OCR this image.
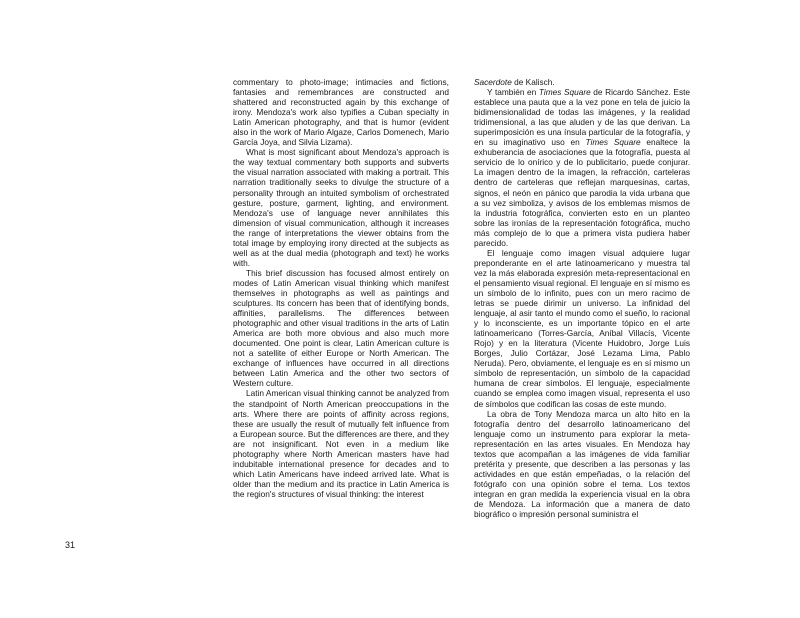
commentary to photo-image; intimacies and fictions, fantasies and remembrances are constructed and shattered and reconstructed again by this exchange of irony. Mendoza's work also typifies a Cuban specialty in Latin American photography, and that is humor (evident also in the work of Mario Algaze, Carlos Domenech, Mario García Joya, and Silvia Lizama).

What is most significant about Mendoza's approach is the way textual commentary both supports and subverts the visual narration associated with making a portrait. This narration traditionally seeks to divulge the structure of a personality through an intuited symbolism of orchestrated gesture, posture, garment, lighting, and environment. Mendoza's use of language never annihilates this dimension of visual communication, although it increases the range of interpretations the viewer obtains from the total image by employing irony directed at the subjects as well as at the dual media (photograph and text) he works with.

This brief discussion has focused almost entirely on modes of Latin American visual thinking which manifest themselves in photographs as well as paintings and sculptures. Its concern has been that of identifying bonds, affinities, parallelisms. The differences between photographic and other visual traditions in the arts of Latin America are both more obvious and also much more documented. One point is clear, Latin American culture is not a satellite of either Europe or North American. The exchange of influences have occurred in all directions between Latin America and the other two sectors of Western culture.

Latin American visual thinking cannot be analyzed from the standpoint of North American preoccupations in the arts. Where there are points of affinity across regions, these are usually the result of mutually felt influence from a European source. But the differences are there, and they are not insignificant. Not even in a medium like photography where North American masters have had indubitable international presence for decades and to which Latin Americans have indeed arrived late. What is older than the medium and its practice in Latin America is the region's structures of visual thinking: the interest

Sacerdote de Kalisch.

Y también en Times Square de Ricardo Sánchez. Este establece una pauta que a la vez pone en tela de juicio la bidimensionalidad de todas las imágenes, y la realidad tridimensional, a las que aluden y de las que derivan. La superimposición es una ínsula particular de la fotografía, y en su imaginativo uso en Times Square enaltece la exhuberancia de asociaciones que la fotografía, puesta al servicio de lo onírico y de lo publicitario, puede conjurar. La imagen dentro de la imagen, la refracción, carteleras dentro de carteleras que reflejan marquesinas, cartas, signos, el neón en pánico que parodia la vida urbana que a su vez simboliza, y avisos de los emblemas mismos de la industria fotográfica, convierten esto en un planteo sobre las ironías de la representación fotográfica, mucho más complejo de lo que a primera vista pudiera haber parecido.

El lenguaje como imagen visual adquiere lugar preponderante en el arte latinoamericano y muestra tal vez la más elaborada expresión meta-representacional en el pensamiento visual regional. El lenguaje en sí mismo es un símbolo de lo infinito, pues con un mero racimo de letras se puede dirimir un universo. La infinidad del lenguaje, al asir tanto el mundo como el sueño, lo racional y lo inconsciente, es un importante tópico en el arte latinoamericano (Torres-García, Aníbal Villacís, Vicente Rojo) y en la literatura (Vicente Huidobro, Jorge Luis Borges, Julio Cortázar, José Lezama Lima, Pablo Neruda). Pero, obviamente, el lenguaje es en sí mismo un símbolo de representación, un símbolo de la capacidad humana de crear símbolos. El lenguaje, especialmente cuando se emplea como imagen visual, representa el uso de símbolos que codifican las cosas de este mundo.

La obra de Tony Mendoza marca un alto hito en la fotografía dentro del desarrollo latinoamericano del lenguaje como un instrumento para explorar la meta-representación en las artes visuales. En Mendoza hay textos que acompañan a las imágenes de vida familiar pretérita y presente, que describen a las personas y las actividades en que están empeñadas, o la relación del fotógrafo con una opinión sobre el tema. Los textos integran en gran medida la experiencia visual en la obra de Mendoza. La información que a manera de dato biográfico o impresión personal suministra el

31
